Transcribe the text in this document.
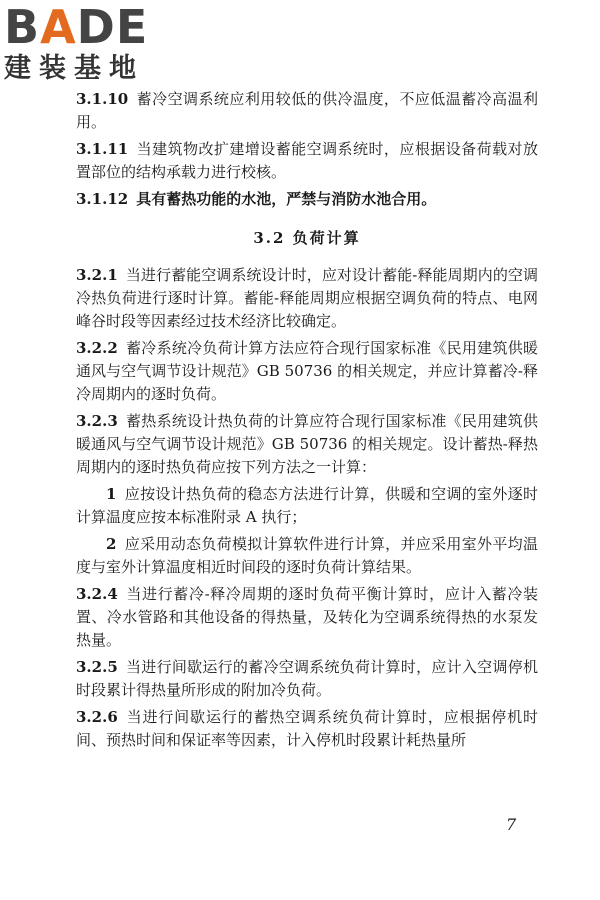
BADE
建装基地

3.1.10 蓄冷空调系统应利用较低的供冷温度，不应低温蓄冷高温利用。

3.1.11 当建筑物改扩建增设蓄能空调系统时，应根据设备荷载对放置部位的结构承载力进行校核。

3.1.12 具有蓄热功能的水池，严禁与消防水池合用。

3.2 负荷计算

3.2.1 当进行蓄能空调系统设计时，应对设计蓄能-释能周期内的空调冷热负荷进行逐时计算。蓄能-释能周期应根据空调负荷的特点、电网峰谷时段等因素经过技术经济比较确定。

3.2.2 蓄冷系统冷负荷计算方法应符合现行国家标准《民用建筑供暖通风与空气调节设计规范》GB 50736 的相关规定，并应计算蓄冷-释冷周期内的逐时负荷。

3.2.3 蓄热系统设计热负荷的计算应符合现行国家标准《民用建筑供暖通风与空气调节设计规范》GB 50736 的相关规定。设计蓄热-释热周期内的逐时热负荷应按下列方法之一计算：

1 应按设计热负荷的稳态方法进行计算，供暖和空调的室外逐时计算温度应按本标准附录 A 执行；

2 应采用动态负荷模拟计算软件进行计算，并应采用室外平均温度与室外计算温度相近时间段的逐时负荷计算结果。

3.2.4 当进行蓄冷-释冷周期的逐时负荷平衡计算时，应计入蓄冷装置、冷水管路和其他设备的得热量，及转化为空调系统得热的水泵发热量。

3.2.5 当进行间歇运行的蓄冷空调系统负荷计算时，应计入空调停机时段累计得热量所形成的附加冷负荷。

3.2.6 当进行间歇运行的蓄热空调系统负荷计算时，应根据停机时间、预热时间和保证率等因素，计入停机时段累计耗热量所

7
